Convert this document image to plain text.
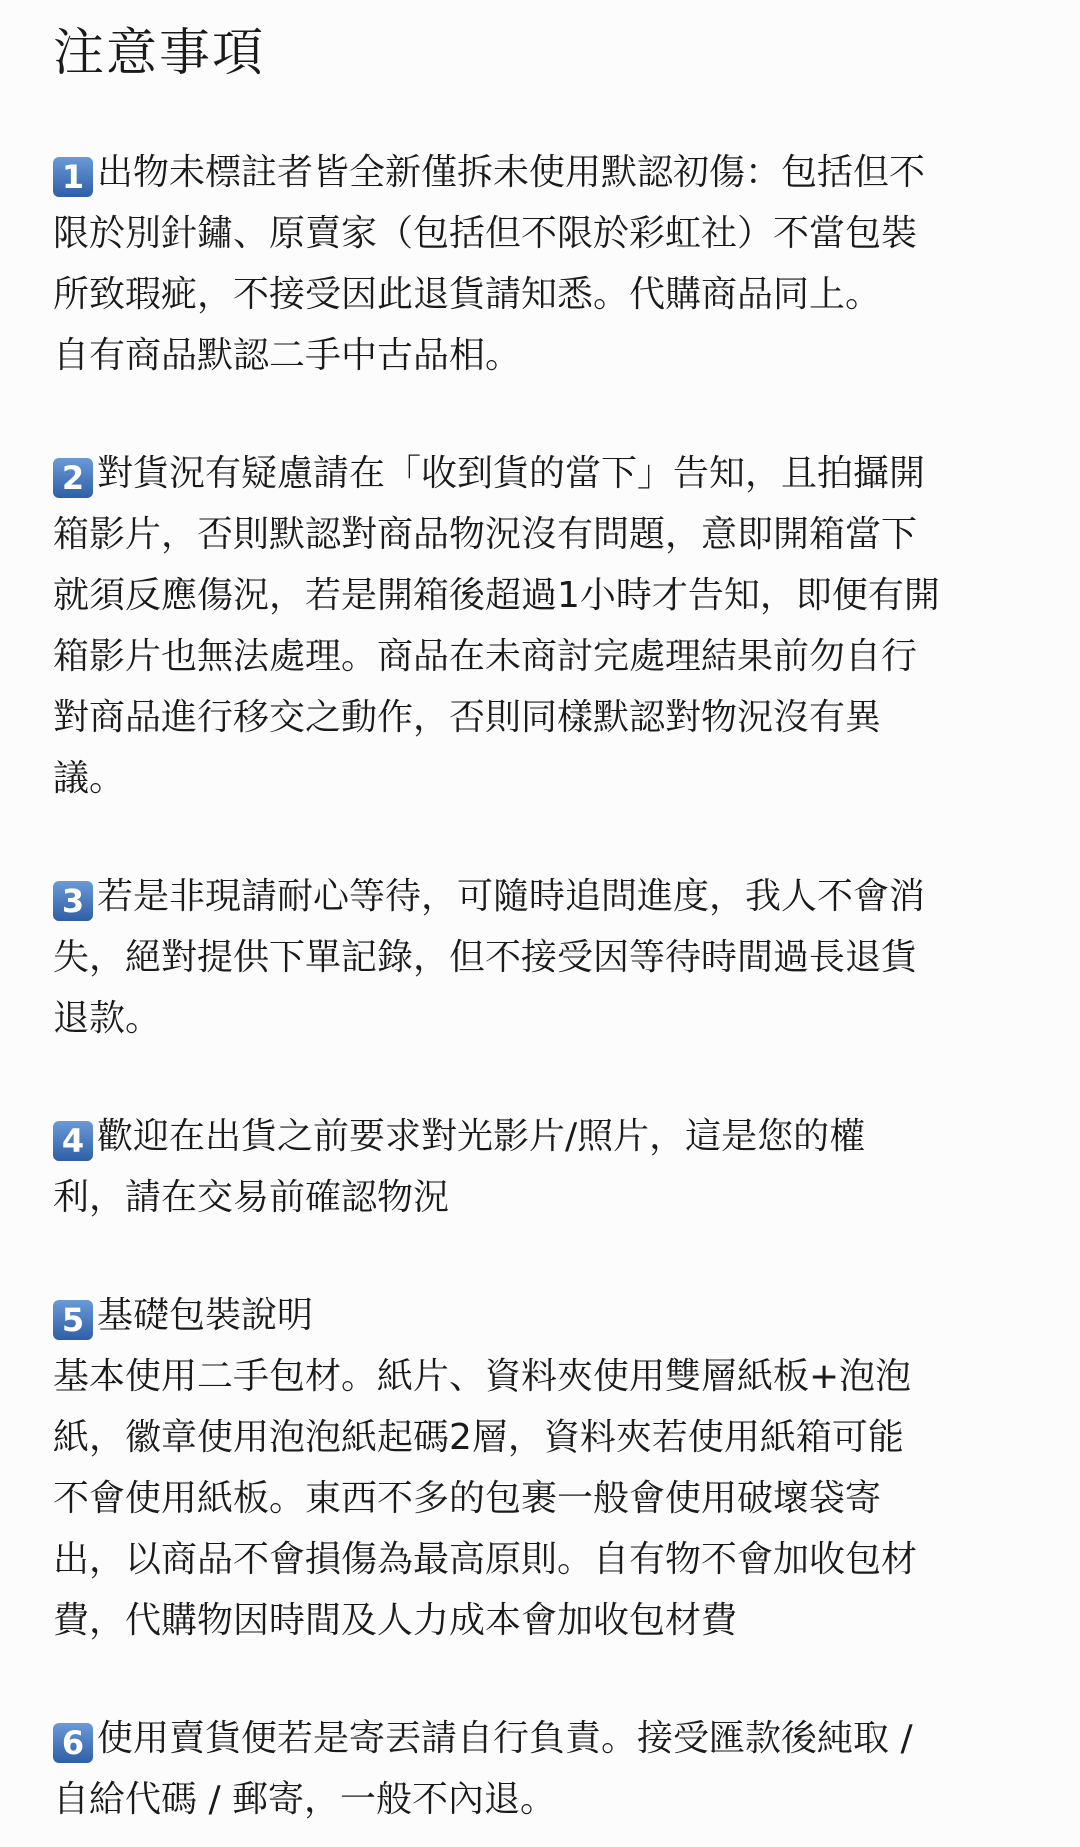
注意事項

1 出物未標註者皆全新僅拆未使用默認初傷：包括但不
限於別針鏽、原賣家（包括但不限於彩虹社）不當包裝
所致瑕疵，不接受因此退貨請知悉。代購商品同上。
自有商品默認二手中古品相。

2 對貨況有疑慮請在「收到貨的當下」告知，且拍攝開
箱影片，否則默認對商品物況沒有問題，意即開箱當下
就須反應傷況，若是開箱後超過1小時才告知，即便有開
箱影片也無法處理。商品在未商討完處理結果前勿自行
對商品進行移交之動作，否則同樣默認對物況沒有異
議。

3 若是非現請耐心等待，可隨時追問進度，我人不會消
失，絕對提供下單記錄，但不接受因等待時間過長退貨
退款。

4 歡迎在出貨之前要求對光影片/照片，這是您的權
利，請在交易前確認物況

5 基礎包裝說明
基本使用二手包材。紙片、資料夾使用雙層紙板+泡泡
紙，徽章使用泡泡紙起碼2層，資料夾若使用紙箱可能
不會使用紙板。東西不多的包裹一般會使用破壞袋寄
出，以商品不會損傷為最高原則。自有物不會加收包材
費，代購物因時間及人力成本會加收包材費

6 使用賣貨便若是寄丟請自行負責。接受匯款後純取 /
自給代碼 / 郵寄，一般不內退。
